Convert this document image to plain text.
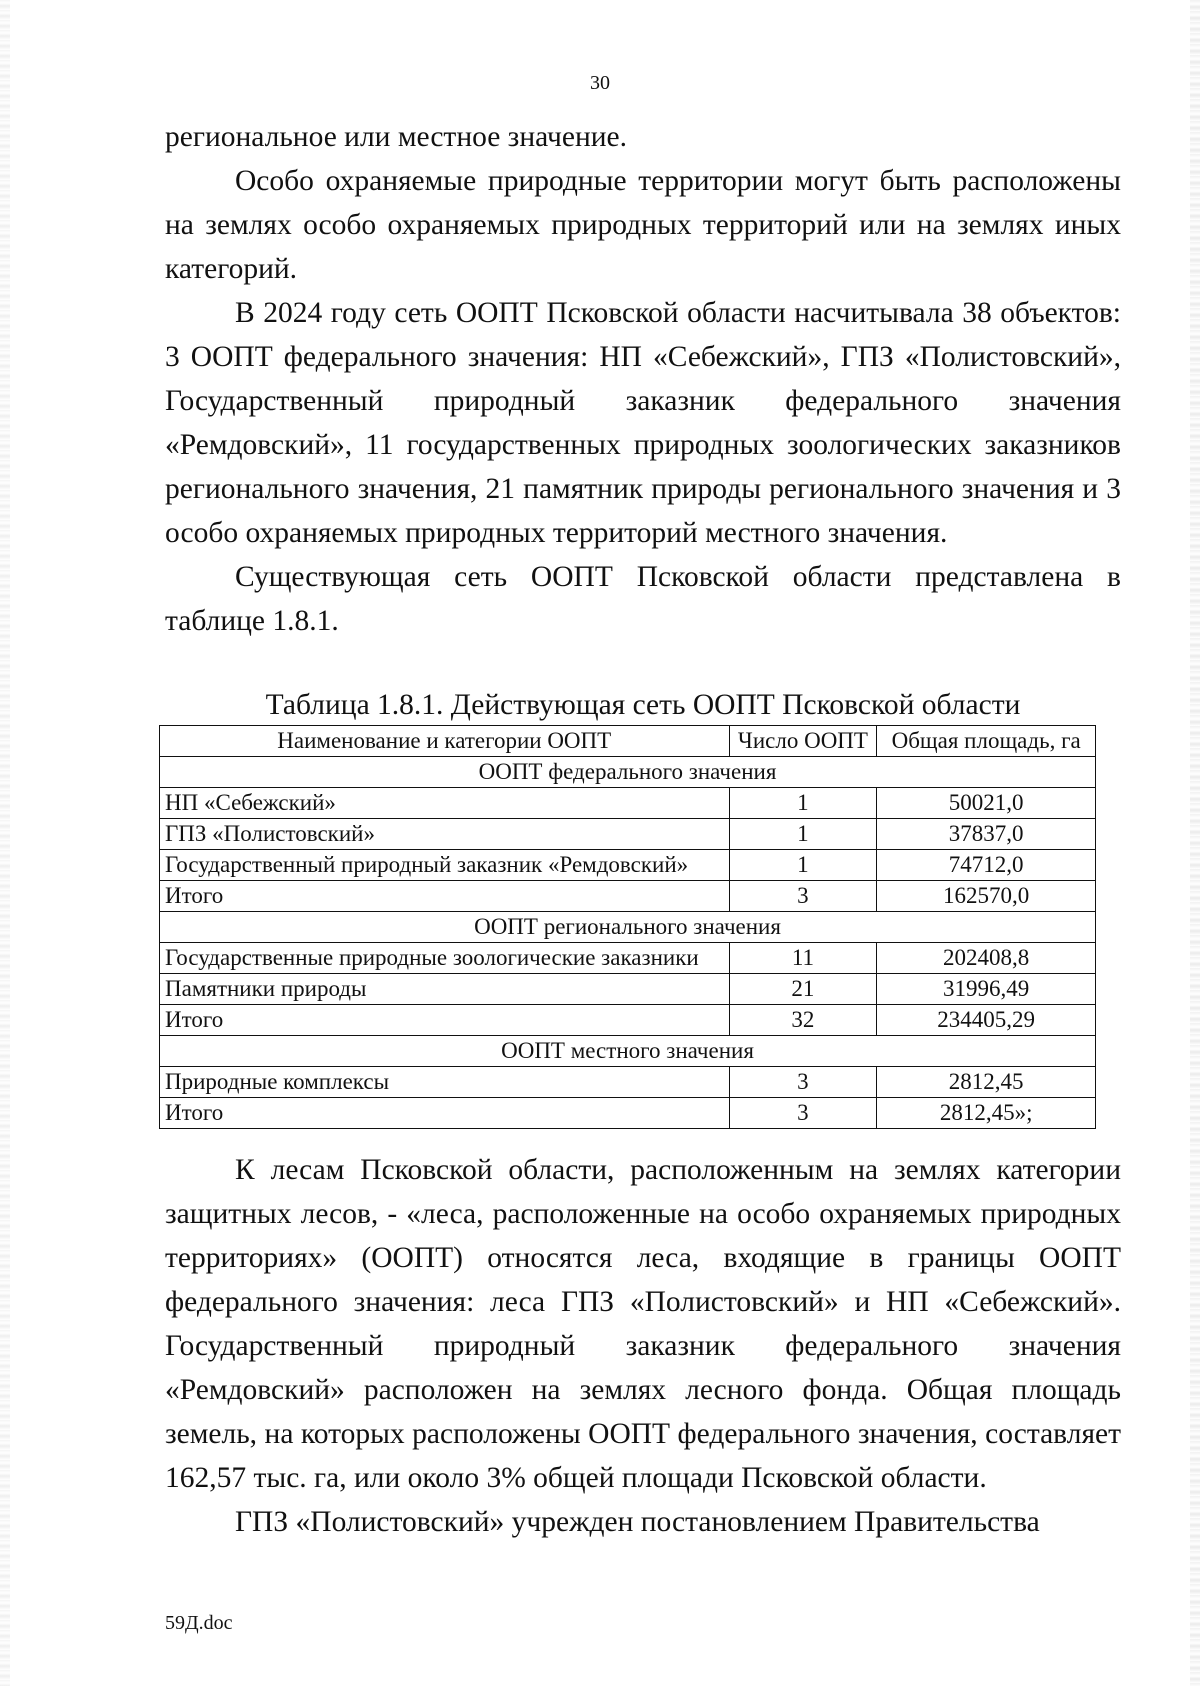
30

региональное или местное значение.

Особо охраняемые природные территории могут быть расположены на землях особо охраняемых природных территорий или на землях иных категорий.

В 2024 году сеть ООПТ Псковской области насчитывала 38 объектов: 3 ООПТ федерального значения: НП «Себежский», ГПЗ «Полистовский», Государственный природный заказник федерального значения «Ремдовский», 11 государственных природных зоологических заказников регионального значения, 21 памятник природы регионального значения и 3 особо охраняемых природных территорий местного значения.

Существующая сеть ООПТ Псковской области представлена в таблице 1.8.1.

Таблица 1.8.1. Действующая сеть ООПТ Псковской области

Наименование и категории ООПТ	Число ООПТ	Общая площадь, га
ООПТ федерального значения		
НП «Себежский»	1	50021,0
ГПЗ «Полистовский»	1	37837,0
Государственный природный заказник «Ремдовский»	1	74712,0
Итого	3	162570,0
ООПТ регионального значения		
Государственные природные зоологические заказники	11	202408,8
Памятники природы	21	31996,49
Итого	32	234405,29
ООПТ местного значения		
Природные комплексы	3	2812,45
Итого	3	2812,45»;

К лесам Псковской области, расположенным на землях категории защитных лесов, - «леса, расположенные на особо охраняемых природных территориях» (ООПТ) относятся леса, входящие в границы ООПТ федерального значения: леса ГПЗ «Полистовский» и НП «Себежский». Государственный природный заказник федерального значения «Ремдовский» расположен на землях лесного фонда. Общая площадь земель, на которых расположены ООПТ федерального значения, составляет 162,57 тыс. га, или около 3% общей площади Псковской области.

ГПЗ «Полистовский» учрежден постановлением Правительства

59Д.doc
